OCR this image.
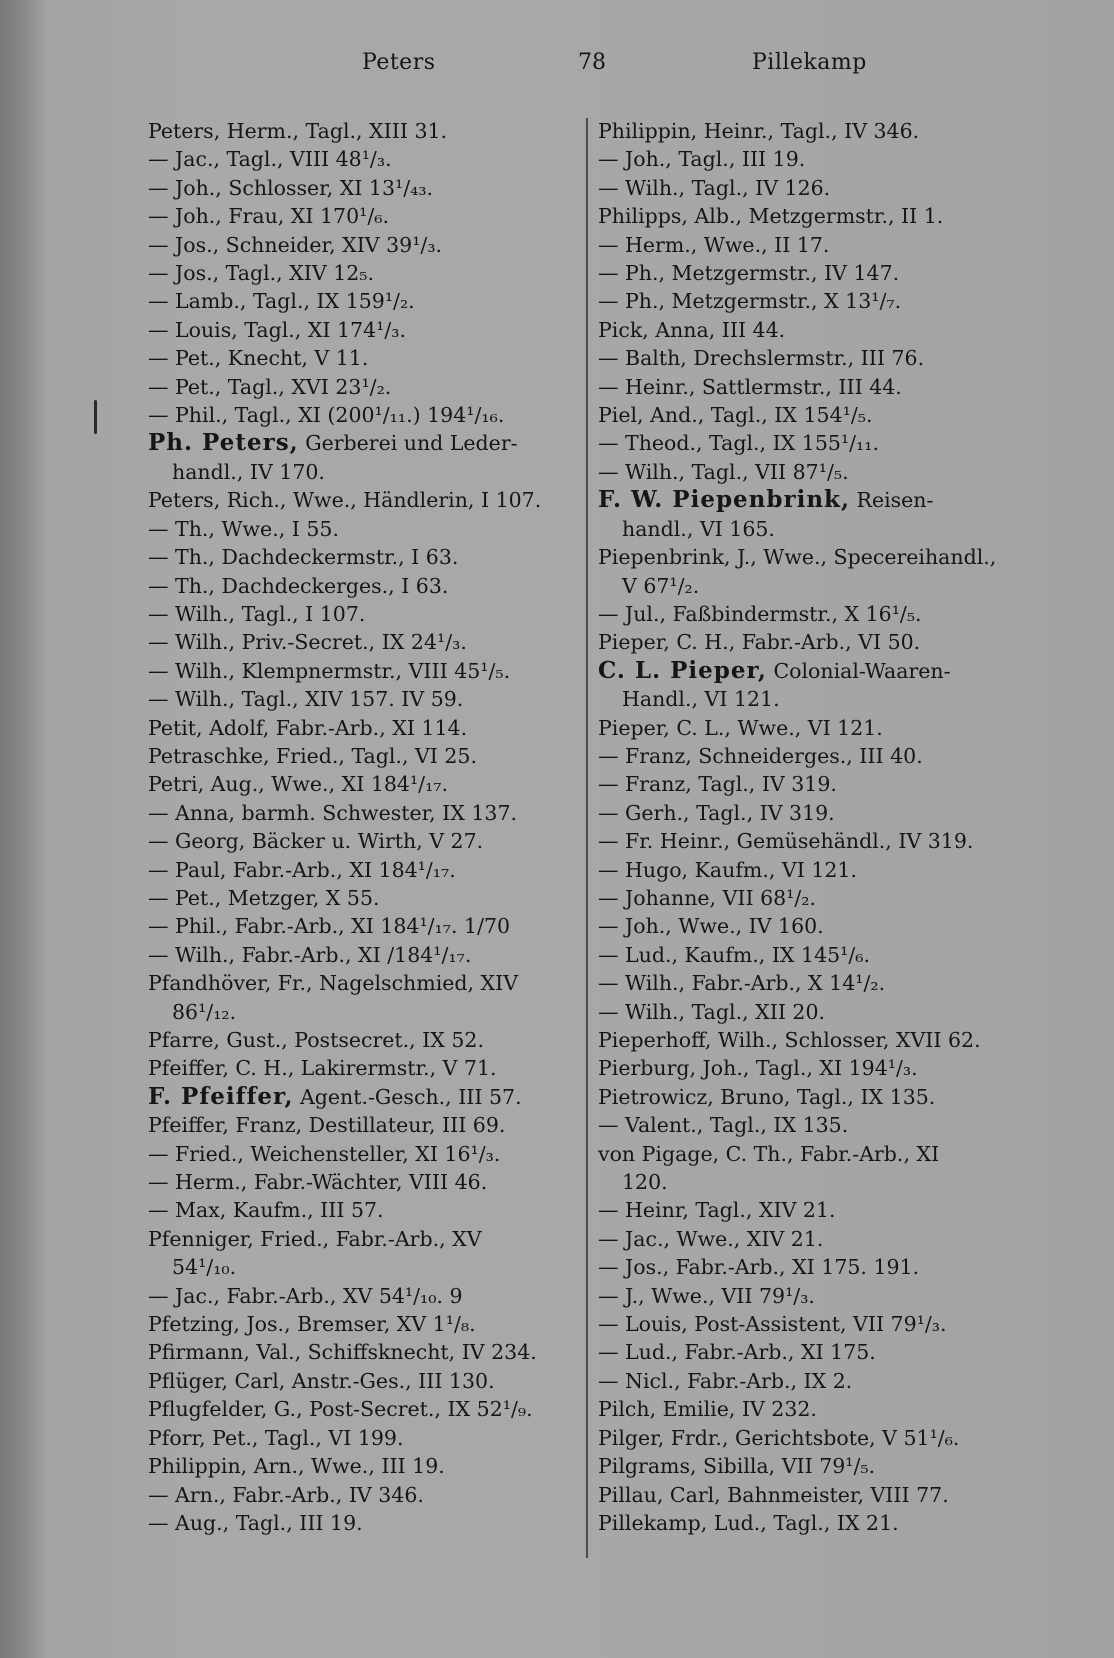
Peters	78	Pillekamp
Peters, Herm., Tagl., XIII 31.
— Jac., Tagl., VIII 48¹/₃.
— Joh., Schlosser, XI 13¹/₄₃.
— Joh., Frau, XI 170¹/₆.
— Jos., Schneider, XIV 39¹/₃.
— Jos., Tagl., XIV 12₅.
— Lamb., Tagl., IX 159¹/₂.
— Louis, Tagl., XI 174¹/₃.
— Pet., Knecht, V 11.
— Pet., Tagl., XVI 23¹/₂.
— Phil., Tagl., XI (200¹/₁₁.) 194¹/₁₆.
Ph. Peters, Gerberei und Leder-
handl., IV 170.
Peters, Rich., Wwe., Händlerin, I 107.
— Th., Wwe., I 55.
— Th., Dachdeckermstr., I 63.
— Th., Dachdeckerges., I 63.
— Wilh., Tagl., I 107.
— Wilh., Priv.-Secret., IX 24¹/₃.
— Wilh., Klempnermstr., VIII 45¹/₅.
— Wilh., Tagl., XIV 157. IV 59.
Petit, Adolf, Fabr.-Arb., XI 114.
Petraschke, Fried., Tagl., VI 25.
Petri, Aug., Wwe., XI 184¹/₁₇.
— Anna, barmh. Schwester, IX 137.
— Georg, Bäcker u. Wirth, V 27.
— Paul, Fabr.-Arb., XI 184¹/₁₇.
— Pet., Metzger, X 55.
— Phil., Fabr.-Arb., XI 184¹/₁₇. 1/70
— Wilh., Fabr.-Arb., XI /184¹/₁₇.
Pfandhöver, Fr., Nagelschmied, XIV
86¹/₁₂.
Pfarre, Gust., Postsecret., IX 52.
Pfeiffer, C. H., Lakirermstr., V 71.
F. Pfeiffer, Agent.-Gesch., III 57.
Pfeiffer, Franz, Destillateur, III 69.
— Fried., Weichensteller, XI 16¹/₃.
— Herm., Fabr.-Wächter, VIII 46.
— Max, Kaufm., III 57.
Pfenniger, Fried., Fabr.-Arb., XV
54¹/₁₀.
— Jac., Fabr.-Arb., XV 54¹/₁₀. 9
Pfetzing, Jos., Bremser, XV 1¹/₈.
Pfirmann, Val., Schiffsknecht, IV 234.
Pflüger, Carl, Anstr.-Ges., III 130.
Pflugfelder, G., Post-Secret., IX 52¹/₉.
Pforr, Pet., Tagl., VI 199.
Philippin, Arn., Wwe., III 19.
— Arn., Fabr.-Arb., IV 346.
— Aug., Tagl., III 19.
Philippin, Heinr., Tagl., IV 346.
— Joh., Tagl., III 19.
— Wilh., Tagl., IV 126.
Philipps, Alb., Metzgermstr., II 1.
— Herm., Wwe., II 17.
— Ph., Metzgermstr., IV 147.
— Ph., Metzgermstr., X 13¹/₇.
Pick, Anna, III 44.
— Balth, Drechslermstr., III 76.
— Heinr., Sattlermstr., III 44.
Piel, And., Tagl., IX 154¹/₅.
— Theod., Tagl., IX 155¹/₁₁.
— Wilh., Tagl., VII 87¹/₅.
F. W. Piepenbrink, Reisen-
handl., VI 165.
Piepenbrink, J., Wwe., Specereihandl.,
V 67¹/₂.
— Jul., Faßbindermstr., X 16¹/₅.
Pieper, C. H., Fabr.-Arb., VI 50.
C. L. Pieper, Colonial-Waaren-
Handl., VI 121.
Pieper, C. L., Wwe., VI 121.
— Franz, Schneiderges., III 40.
— Franz, Tagl., IV 319.
— Gerh., Tagl., IV 319.
— Fr. Heinr., Gemüsehändl., IV 319.
— Hugo, Kaufm., VI 121.
— Johanne, VII 68¹/₂.
— Joh., Wwe., IV 160.
— Lud., Kaufm., IX 145¹/₆.
— Wilh., Fabr.-Arb., X 14¹/₂.
— Wilh., Tagl., XII 20.
Pieperhoff, Wilh., Schlosser, XVII 62.
Pierburg, Joh., Tagl., XI 194¹/₃.
Pietrowicz, Bruno, Tagl., IX 135.
— Valent., Tagl., IX 135.
von Pigage, C. Th., Fabr.-Arb., XI
120.
— Heinr, Tagl., XIV 21.
— Jac., Wwe., XIV 21.
— Jos., Fabr.-Arb., XI 175. 191.
— J., Wwe., VII 79¹/₃.
— Louis, Post-Assistent, VII 79¹/₃.
— Lud., Fabr.-Arb., XI 175.
— Nicl., Fabr.-Arb., IX 2.
Pilch, Emilie, IV 232.
Pilger, Frdr., Gerichtsbote, V 51¹/₆.
Pilgrams, Sibilla, VII 79¹/₅.
Pillau, Carl, Bahnmeister, VIII 77.
Pillekamp, Lud., Tagl., IX 21.
